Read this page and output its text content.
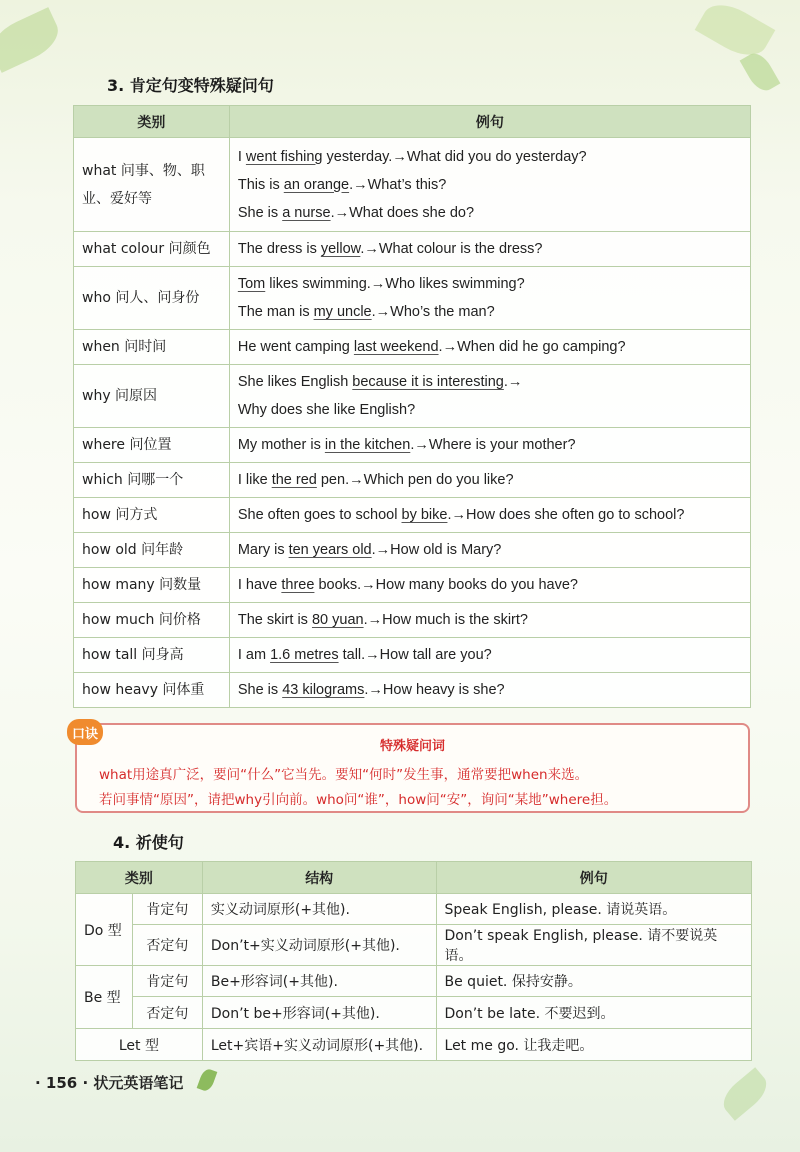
3. 肯定句变特殊疑问句
类别	例句

what 问事、物、职
业、爱好等	I went fishing yesterday.→What did you do yesterday?
This is an orange.→What’s this?
She is a nurse.→What does she do?

what colour 问颜色	The dress is yellow.→What colour is the dress?

who 问人、问身份	Tom likes swimming.→Who likes swimming?
The man is my uncle.→Who’s the man?

when 问时间	He went camping last weekend.→When did he go camping?

why 问原因	She likes English because it is interesting.→
Why does she like English?

where 问位置	My mother is in the kitchen.→Where is your mother?

which 问哪一个	I like the red pen.→Which pen do you like?

how 问方式	She often goes to school by bike.→How does she often go to school?

how old 问年龄	Mary is ten years old.→How old is Mary?

how many 问数量	I have three books.→How many books do you have?

how much 问价格	The skirt is 80 yuan.→How much is the skirt?

how tall 问身高	I am 1.6 metres tall.→How tall are you?

how heavy 问体重	She is 43 kilograms.→How heavy is she?
口诀
特殊疑问词
what用途真广泛，要问“什么”它当先。要知“何时”发生事，通常要把when来选。
若问事情“原因”，请把why引向前。who问“谁”，how问“安”，询问“某地”where担。
4. 祈使句
类别		结构	例句
Do 型	肯定句	实义动词原形(+其他).	Speak English, please. 请说英语。
	否定句	Don’t+实义动词原形(+其他).	Don’t speak English, please. 请不要说英语。
Be 型	肯定句	Be+形容词(+其他).	Be quiet. 保持安静。
	否定句	Don’t be+形容词(+其他).	Don’t be late. 不要迟到。
Let 型		Let+宾语+实义动词原形(+其他).	Let me go. 让我走吧。
· 156 · 状元英语笔记
